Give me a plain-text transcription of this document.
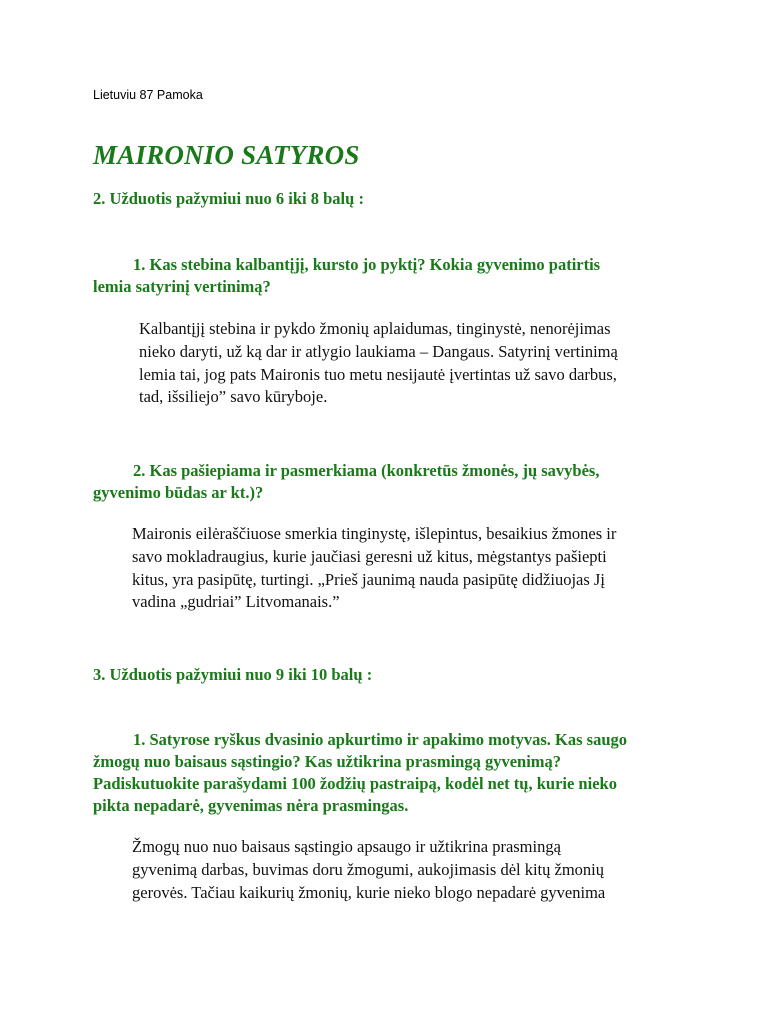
Lietuviu 87 Pamoka
MAIRONIO SATYROS
2. Užduotis pažymiui nuo 6 iki 8 balų :
1. Kas stebina kalbantįjį, kursto jo pyktį? Kokia gyvenimo patirtis
lemia satyrinį vertinimą?
Kalbantįjį stebina ir pykdo žmonių aplaidumas, tinginystė, nenorėjimas
nieko daryti, už ką dar ir atlygio laukiama – Dangaus. Satyrinį vertinimą
lemia tai, jog pats Maironis tuo metu nesijautė įvertintas už savo darbus,
tad, išsiliejo” savo kūryboje.
2. Kas pašiepiama ir pasmerkiama (konkretūs žmonės, jų savybės,
gyvenimo būdas ar kt.)?
Maironis eilėraščiuose smerkia tinginystę, išlepintus, besaikius žmones ir
savo mokladraugius, kurie jaučiasi geresni už kitus, mėgstantys pašiepti
kitus, yra pasipūtę, turtingi. „Prieš jaunimą nauda pasipūtę didžiuojas Jį
vadina „gudriai” Litvomanais.”
3. Užduotis pažymiui nuo 9 iki 10 balų :
1. Satyrose ryškus dvasinio apkurtimo ir apakimo motyvas. Kas saugo
žmogų nuo baisaus sąstingio? Kas užtikrina prasmingą gyvenimą?
Padiskutuokite parašydami 100 žodžių pastraipą, kodėl net tų, kurie nieko
pikta nepadarė, gyvenimas nėra prasmingas.
Žmogų nuo nuo baisaus sąstingio apsaugo ir užtikrina prasmingą
gyvenimą darbas, buvimas doru žmogumi, aukojimasis dėl kitų žmonių
gerovės. Tačiau kaikurių žmonių, kurie nieko blogo nepadarė gyvenima
